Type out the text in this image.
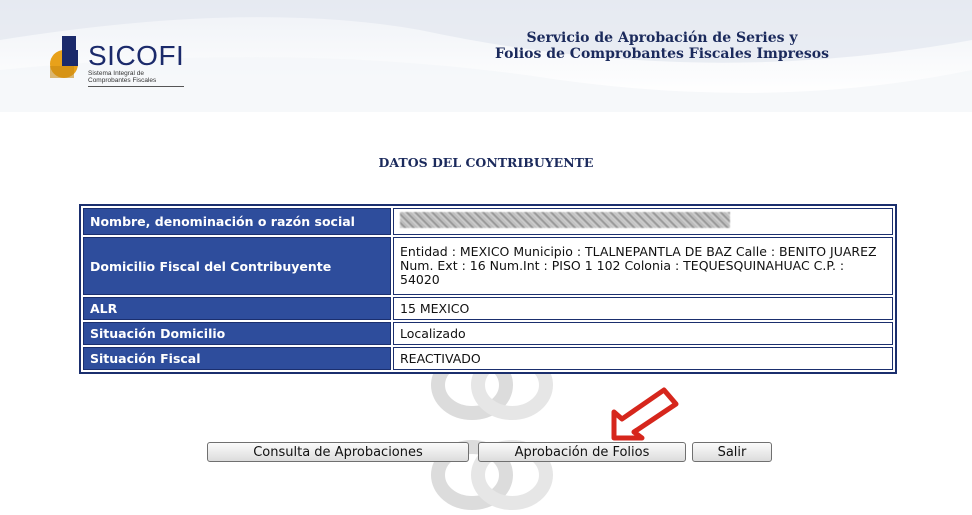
SICOFI
Sistema Integral de
Comprobantes Fiscales
Servicio de Aprobación de Series y
Folios de Comprobantes Fiscales Impresos
DATOS DEL CONTRIBUYENTE
Nombre, denominación o razón social	
Domicilio Fiscal del Contribuyente	Entidad : MEXICO Municipio : TLALNEPANTLA DE BAZ Calle : BENITO JUAREZ Num. Ext : 16 Num.Int : PISO 1 102 Colonia : TEQUESQUINAHUAC C.P. : 54020
ALR	15 MEXICO
Situación Domicilio	Localizado
Situación Fiscal	REACTIVADO
Consulta de Aprobaciones	Aprobación de Folios	Salir
